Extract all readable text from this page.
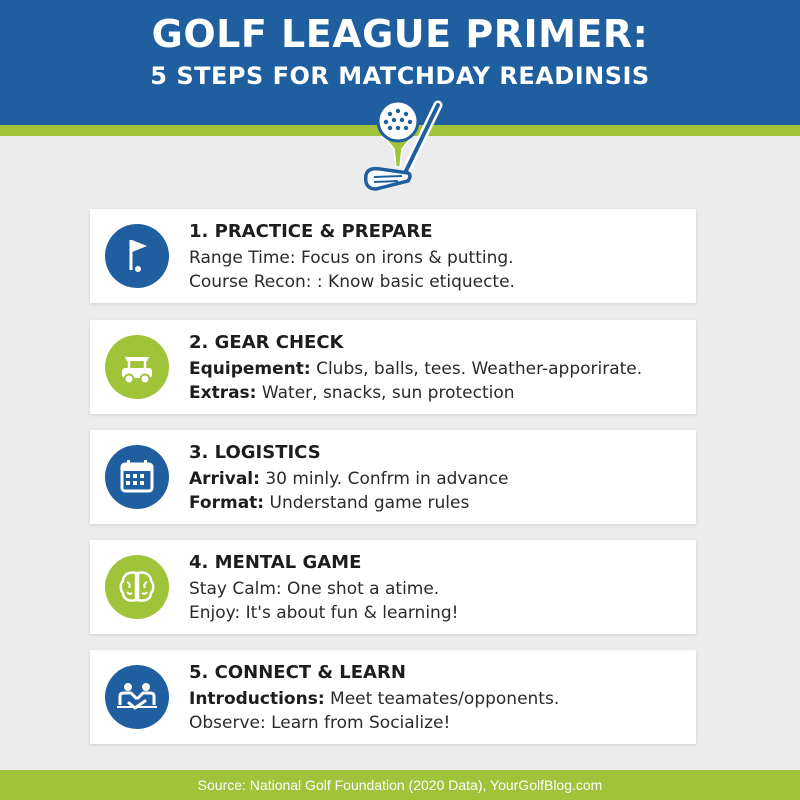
GOLF LEAGUE PRIMER:
5 STEPS FOR MATCHDAY READINSIS
1. PRACTICE & PREPARE
Range Time: Focus on irons & putting.
Course Recon: : Know basic etiquecte.
2. GEAR CHECK
Equipement: Clubs, balls, tees. Weather-apporirate.
Extras: Water, snacks, sun protection
3. LOGISTICS
Arrival: 30 minly. Confrm in advance
Format: Understand game rules
4. MENTAL GAME
Stay Calm: One shot a atime.
Enjoy: It's about fun & learning!
5. CONNECT & LEARN
Introductions: Meet teamates/opponents.
Observe: Learn from Socialize!
Source: National Golf Foundation (2020 Data), YourGolfBlog.com
